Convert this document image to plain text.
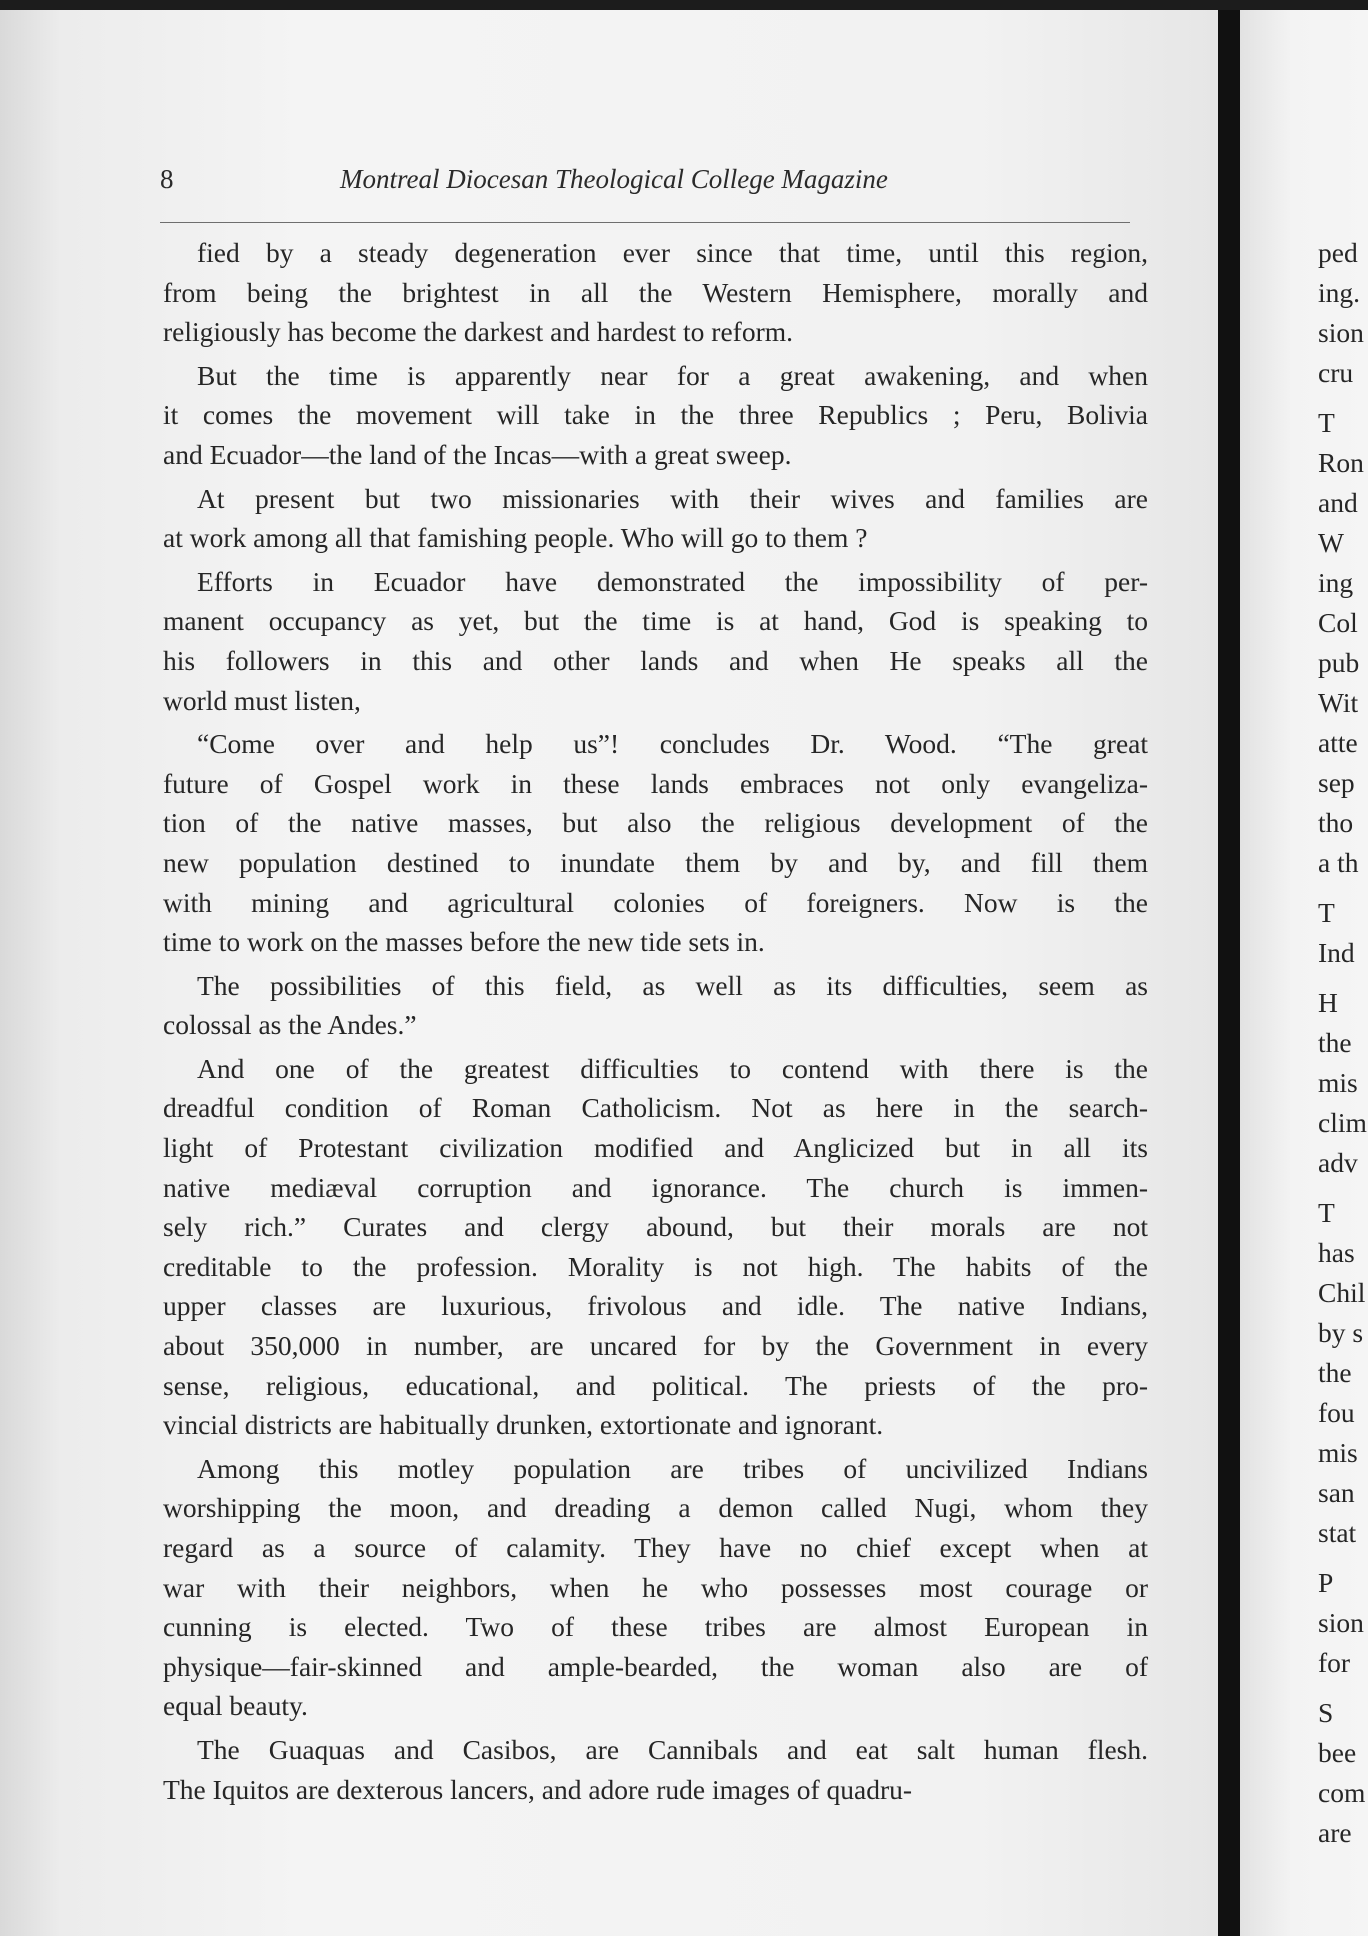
8	Montreal Diocesan Theological College Magazine
fied by a steady degeneration ever since that time, until this region,
from being the brightest in all the Western Hemisphere, morally and
religiously has become the darkest and hardest to reform.
But the time is apparently near for a great awakening, and when
it comes the movement will take in the three Republics ; Peru, Bolivia
and Ecuador—the land of the Incas—with a great sweep.
At present but two missionaries with their wives and families are
at work among all that famishing people. Who will go to them ?
Efforts in Ecuador have demonstrated the impossibility of per-
manent occupancy as yet, but the time is at hand, God is speaking to
his followers in this and other lands and when He speaks all the
world must listen,
“Come over and help us”! concludes Dr. Wood. “The great
future of Gospel work in these lands embraces not only evangeliza-
tion of the native masses, but also the religious development of the
new population destined to inundate them by and by, and fill them
with mining and agricultural colonies of foreigners. Now is the
time to work on the masses before the new tide sets in.
The possibilities of this field, as well as its difficulties, seem as
colossal as the Andes.”
And one of the greatest difficulties to contend with there is the
dreadful condition of Roman Catholicism. Not as here in the search-
light of Protestant civilization modified and Anglicized but in all its
native mediæval corruption and ignorance. The church is immen-
sely rich.” Curates and clergy abound, but their morals are not
creditable to the profession. Morality is not high. The habits of the
upper classes are luxurious, frivolous and idle. The native Indians,
about 350,000 in number, are uncared for by the Government in every
sense, religious, educational, and political. The priests of the pro-
vincial districts are habitually drunken, extortionate and ignorant.
Among this motley population are tribes of uncivilized Indians
worshipping the moon, and dreading a demon called Nugi, whom they
regard as a source of calamity. They have no chief except when at
war with their neighbors, when he who possesses most courage or
cunning is elected. Two of these tribes are almost European in
physique—fair-skinned and ample-bearded, the woman also are of
equal beauty.
The Guaquas and Casibos, are Cannibals and eat salt human flesh.
The Iquitos are dexterous lancers, and adore rude images of quadru-
ped
ing.
sion
cru
T
Ron
and
W
ing
Col
pub
Wit
atte
sep
tho
a th
T
Ind
H
the
mis
clim
adv
T
has
Chil
by s
the
fou
mis
san
stat
P
sion
for
S
bee
com
are
